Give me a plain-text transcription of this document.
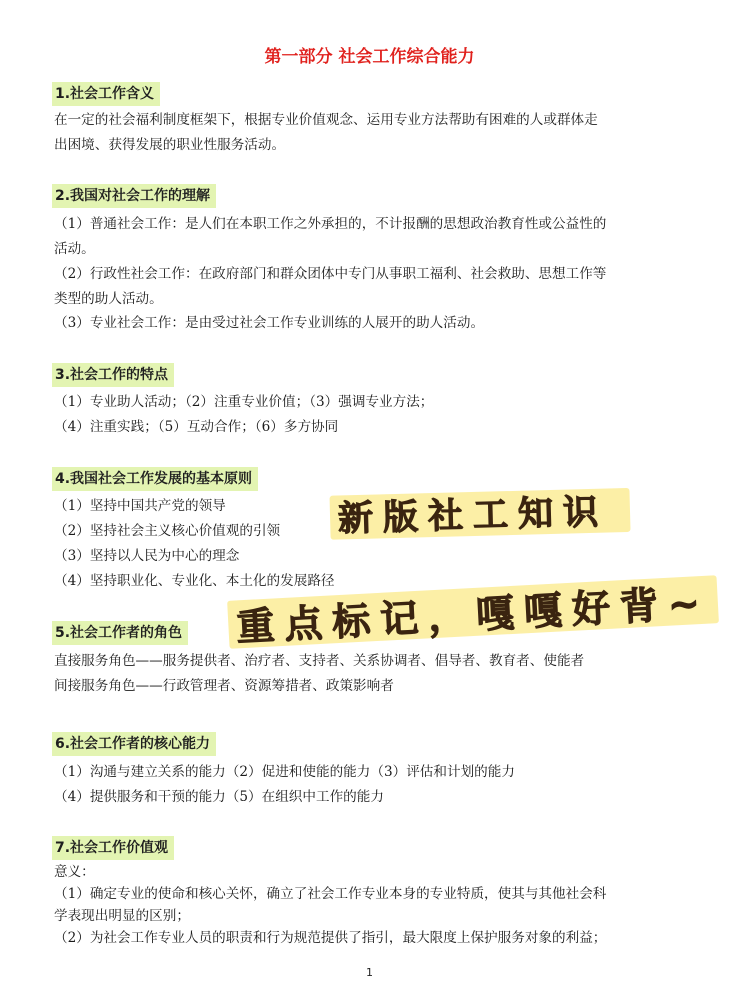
第一部分 社会工作综合能力
1.社会工作含义
在一定的社会福利制度框架下，根据专业价值观念、运用专业方法帮助有困难的人或群体走
出困境、获得发展的职业性服务活动。
2.我国对社会工作的理解
（1）普通社会工作：是人们在本职工作之外承担的，不计报酬的思想政治教育性或公益性的
活动。
（2）行政性社会工作：在政府部门和群众团体中专门从事职工福利、社会救助、思想工作等
类型的助人活动。
（3）专业社会工作：是由受过社会工作专业训练的人展开的助人活动。
3.社会工作的特点
（1）专业助人活动；（2）注重专业价值；（3）强调专业方法；
（4）注重实践；（5）互动合作；（6）多方协同
4.我国社会工作发展的基本原则
（1）坚持中国共产党的领导
（2）坚持社会主义核心价值观的引领
（3）坚持以人民为中心的理念
（4）坚持职业化、专业化、本土化的发展路径
5.社会工作者的角色
直接服务角色——服务提供者、治疗者、支持者、关系协调者、倡导者、教育者、使能者
间接服务角色——行政管理者、资源筹措者、政策影响者
6.社会工作者的核心能力
（1）沟通与建立关系的能力（2）促进和使能的能力（3）评估和计划的能力
（4）提供服务和干预的能力（5）在组织中工作的能力
7.社会工作价值观
意义：
（1）确定专业的使命和核心关怀，确立了社会工作专业本身的专业特质，使其与其他社会科
学表现出明显的区别；
（2）为社会工作专业人员的职责和行为规范提供了指引，最大限度上保护服务对象的利益；
新版社工知识
重点标记，嘎嘎好背~
1
